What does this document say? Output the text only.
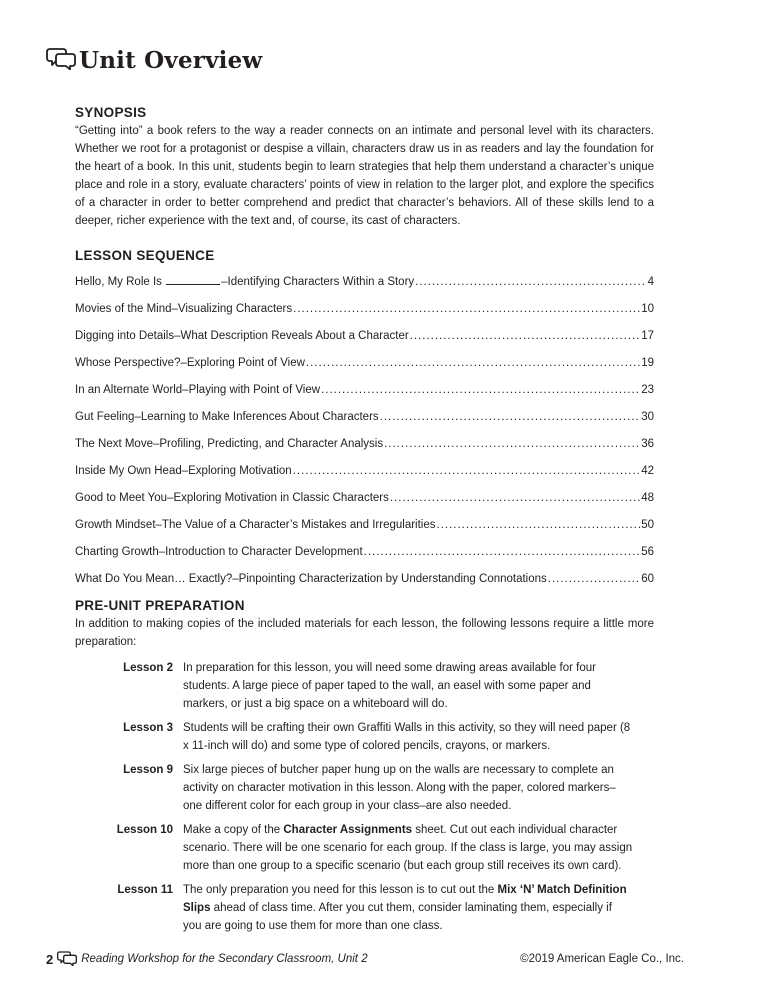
Unit Overview
SYNOPSIS

“Getting into” a book refers to the way a reader connects on an intimate and personal level with its characters. Whether we root for a protagonist or despise a villain, characters draw us in as readers and lay the foundation for the heart of a book. In this unit, students begin to learn strategies that help them understand a character’s unique place and role in a story, evaluate characters’ points of view in relation to the larger plot, and explore the specifics of a character in order to better comprehend and predict that character’s behaviors. All of these skills lend to a deeper, richer experience with the text and, of course, its cast of characters.

LESSON SEQUENCE
Hello, My Role Is	–Identifying Characters Within a Story .....	4
Movies of the Mind–Visualizing Characters .....	10
Digging into Details–What Description Reveals About a Character .....	17
Whose Perspective?–Exploring Point of View .....	19
In an Alternate World–Playing with Point of View .....	23
Gut Feeling–Learning to Make Inferences About Characters .....	30
The Next Move–Profiling, Predicting, and Character Analysis .....	36
Inside My Own Head–Exploring Motivation .....	42
Good to Meet You–Exploring Motivation in Classic Characters .....	48
Growth Mindset–The Value of a Character’s Mistakes and Irregularities .....	50
Charting Growth–Introduction to Character Development .....	56
What Do You Mean… Exactly?–Pinpointing Characterization by Understanding Connotations .....	60
PRE-UNIT PREPARATION

In addition to making copies of the included materials for each lesson, the following lessons require a little more preparation:

Lesson 2 In preparation for this lesson, you will need some drawing areas available for four students. A large piece of paper taped to the wall, an easel with some paper and markers, or just a big space on a whiteboard will do.
Lesson 3 Students will be crafting their own Graffiti Walls in this activity, so they will need paper (8 x 11-inch will do) and some type of colored pencils, crayons, or markers.
Lesson 9 Six large pieces of butcher paper hung up on the walls are necessary to complete an activity on character motivation in this lesson. Along with the paper, colored markers–one different color for each group in your class–are also needed.
Lesson 10 Make a copy of the Character Assignments sheet. Cut out each individual character scenario. There will be one scenario for each group. If the class is large, you may assign more than one group to a specific scenario (but each group still receives its own card).
Lesson 11 The only preparation you need for this lesson is to cut out the Mix ‘N’ Match Definition Slips ahead of class time. After you cut them, consider laminating them, especially if you are going to use them for more than one class.
2 Reading Workshop for the Secondary Classroom, Unit 2	©2019 American Eagle Co., Inc.
